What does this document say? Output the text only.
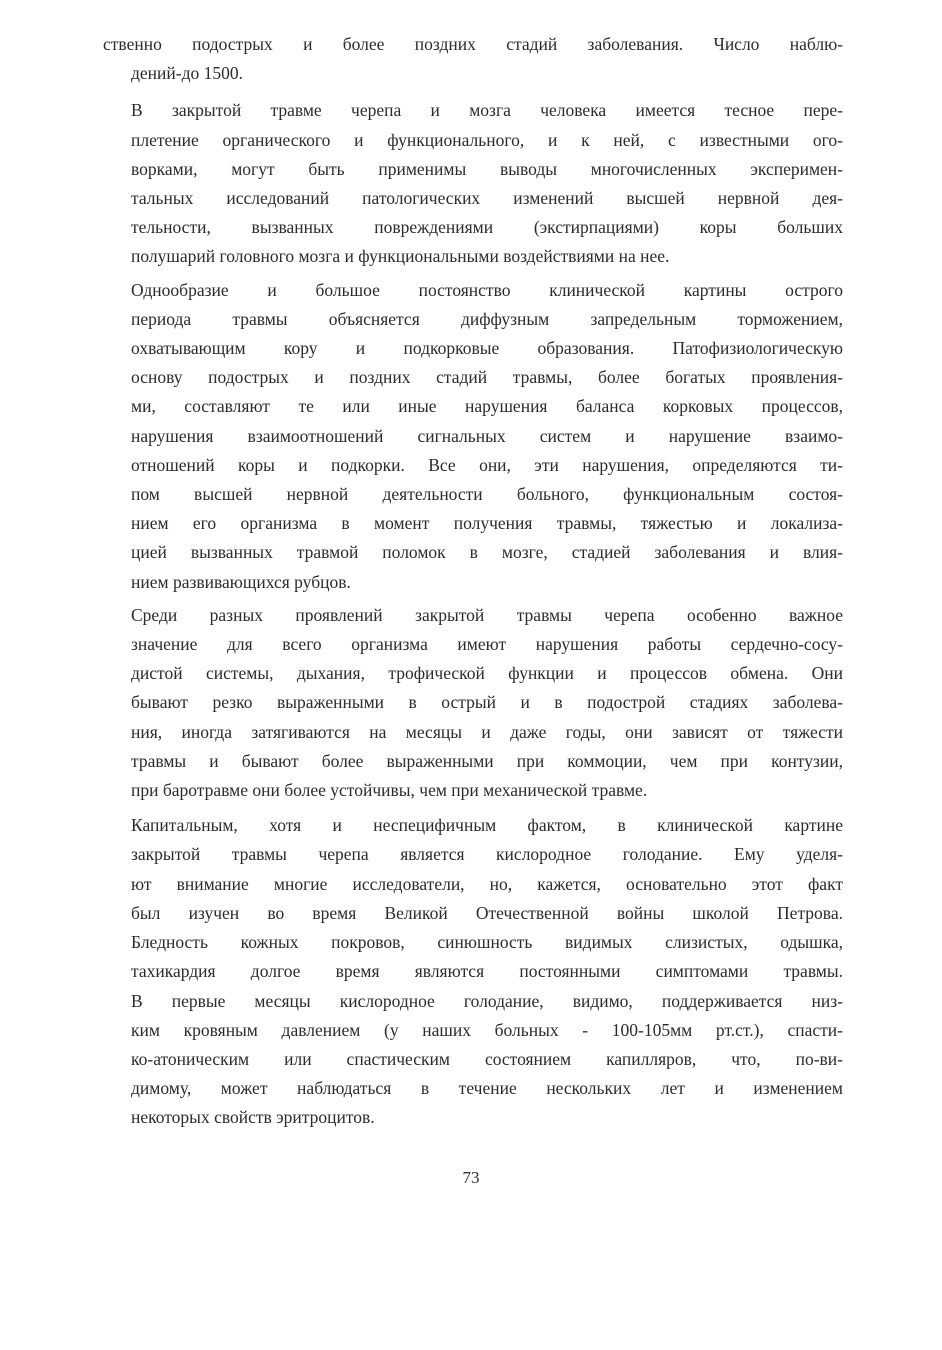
ственно подострых и более поздних стадий заболевания. Число наблю-
дений-до 1500.
В закрытой травме черепа и мозга человека имеется тесное пере-
плетение органического и функционального, и к ней, с известными ого-
ворками, могут быть применимы выводы многочисленных эксперимен-
тальных исследований патологических изменений высшей нервной дея-
тельности, вызванных повреждениями (экстирпациями) коры больших
полушарий головного мозга и функциональными воздействиями на нее.
Однообразие и большое постоянство клинической картины острого
периода травмы объясняется диффузным запредельным торможением,
охватывающим кору и подкорковые образования. Патофизиологическую
основу подострых и поздних стадий травмы, более богатых проявления-
ми, составляют те или иные нарушения баланса корковых процессов,
нарушения взаимоотношений сигнальных систем и нарушение взаимо-
отношений коры и подкорки. Все они, эти нарушения, определяются ти-
пом высшей нервной деятельности больного, функциональным состоя-
нием его организма в момент получения травмы, тяжестью и локализа-
цией вызванных травмой поломок в мозге, стадией заболевания и влия-
нием развивающихся рубцов.
Среди разных проявлений закрытой травмы черепа особенно важное
значение для всего организма имеют нарушения работы сердечно-сосу-
дистой системы, дыхания, трофической функции и процессов обмена. Они
бывают резко выраженными в острый и в подострой стадиях заболева-
ния, иногда затягиваются на месяцы и даже годы, они зависят от тяжести
травмы и бывают более выраженными при коммоции, чем при контузии,
при баротравме они более устойчивы, чем при механической травме.
Капитальным, хотя и неспецифичным фактом, в клинической картине
закрытой травмы черепа является кислородное голодание. Ему уделя-
ют внимание многие исследователи, но, кажется, основательно этот факт
был изучен во время Великой Отечественной войны школой Петрова.
Бледность кожных покровов, синюшность видимых слизистых, одышка,
тахикардия долгое время являются постоянными симптомами травмы.
В первые месяцы кислородное голодание, видимо, поддерживается низ-
ким кровяным давлением (у наших больных - 100-105мм рт.ст.), спасти-
ко-атоническим или спастическим состоянием капилляров, что, по-ви-
димому, может наблюдаться в течение нескольких лет и изменением
некоторых свойств эритроцитов.
73
